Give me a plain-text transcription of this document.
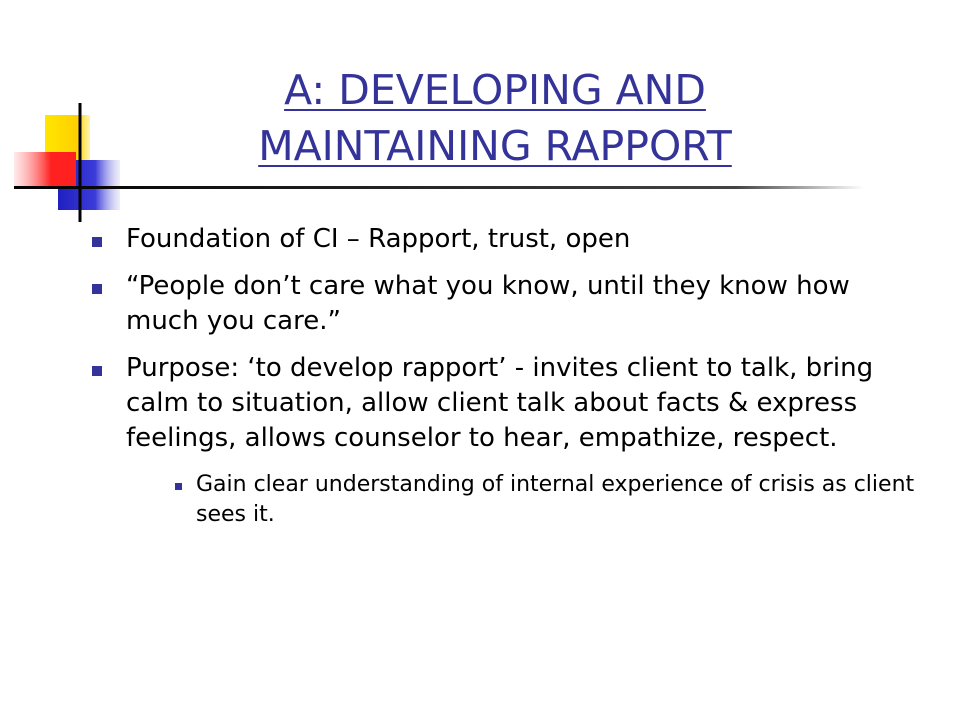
A: DEVELOPING AND
MAINTAINING RAPPORT
Foundation of CI – Rapport, trust, open
“People don’t care what you know, until they know how much you care.”
Purpose: ‘to develop rapport’ - invites client to talk, bring calm to situation, allow client talk about facts & express feelings, allows counselor to hear, empathize, respect.
Gain clear understanding of internal experience of crisis as client sees it.
